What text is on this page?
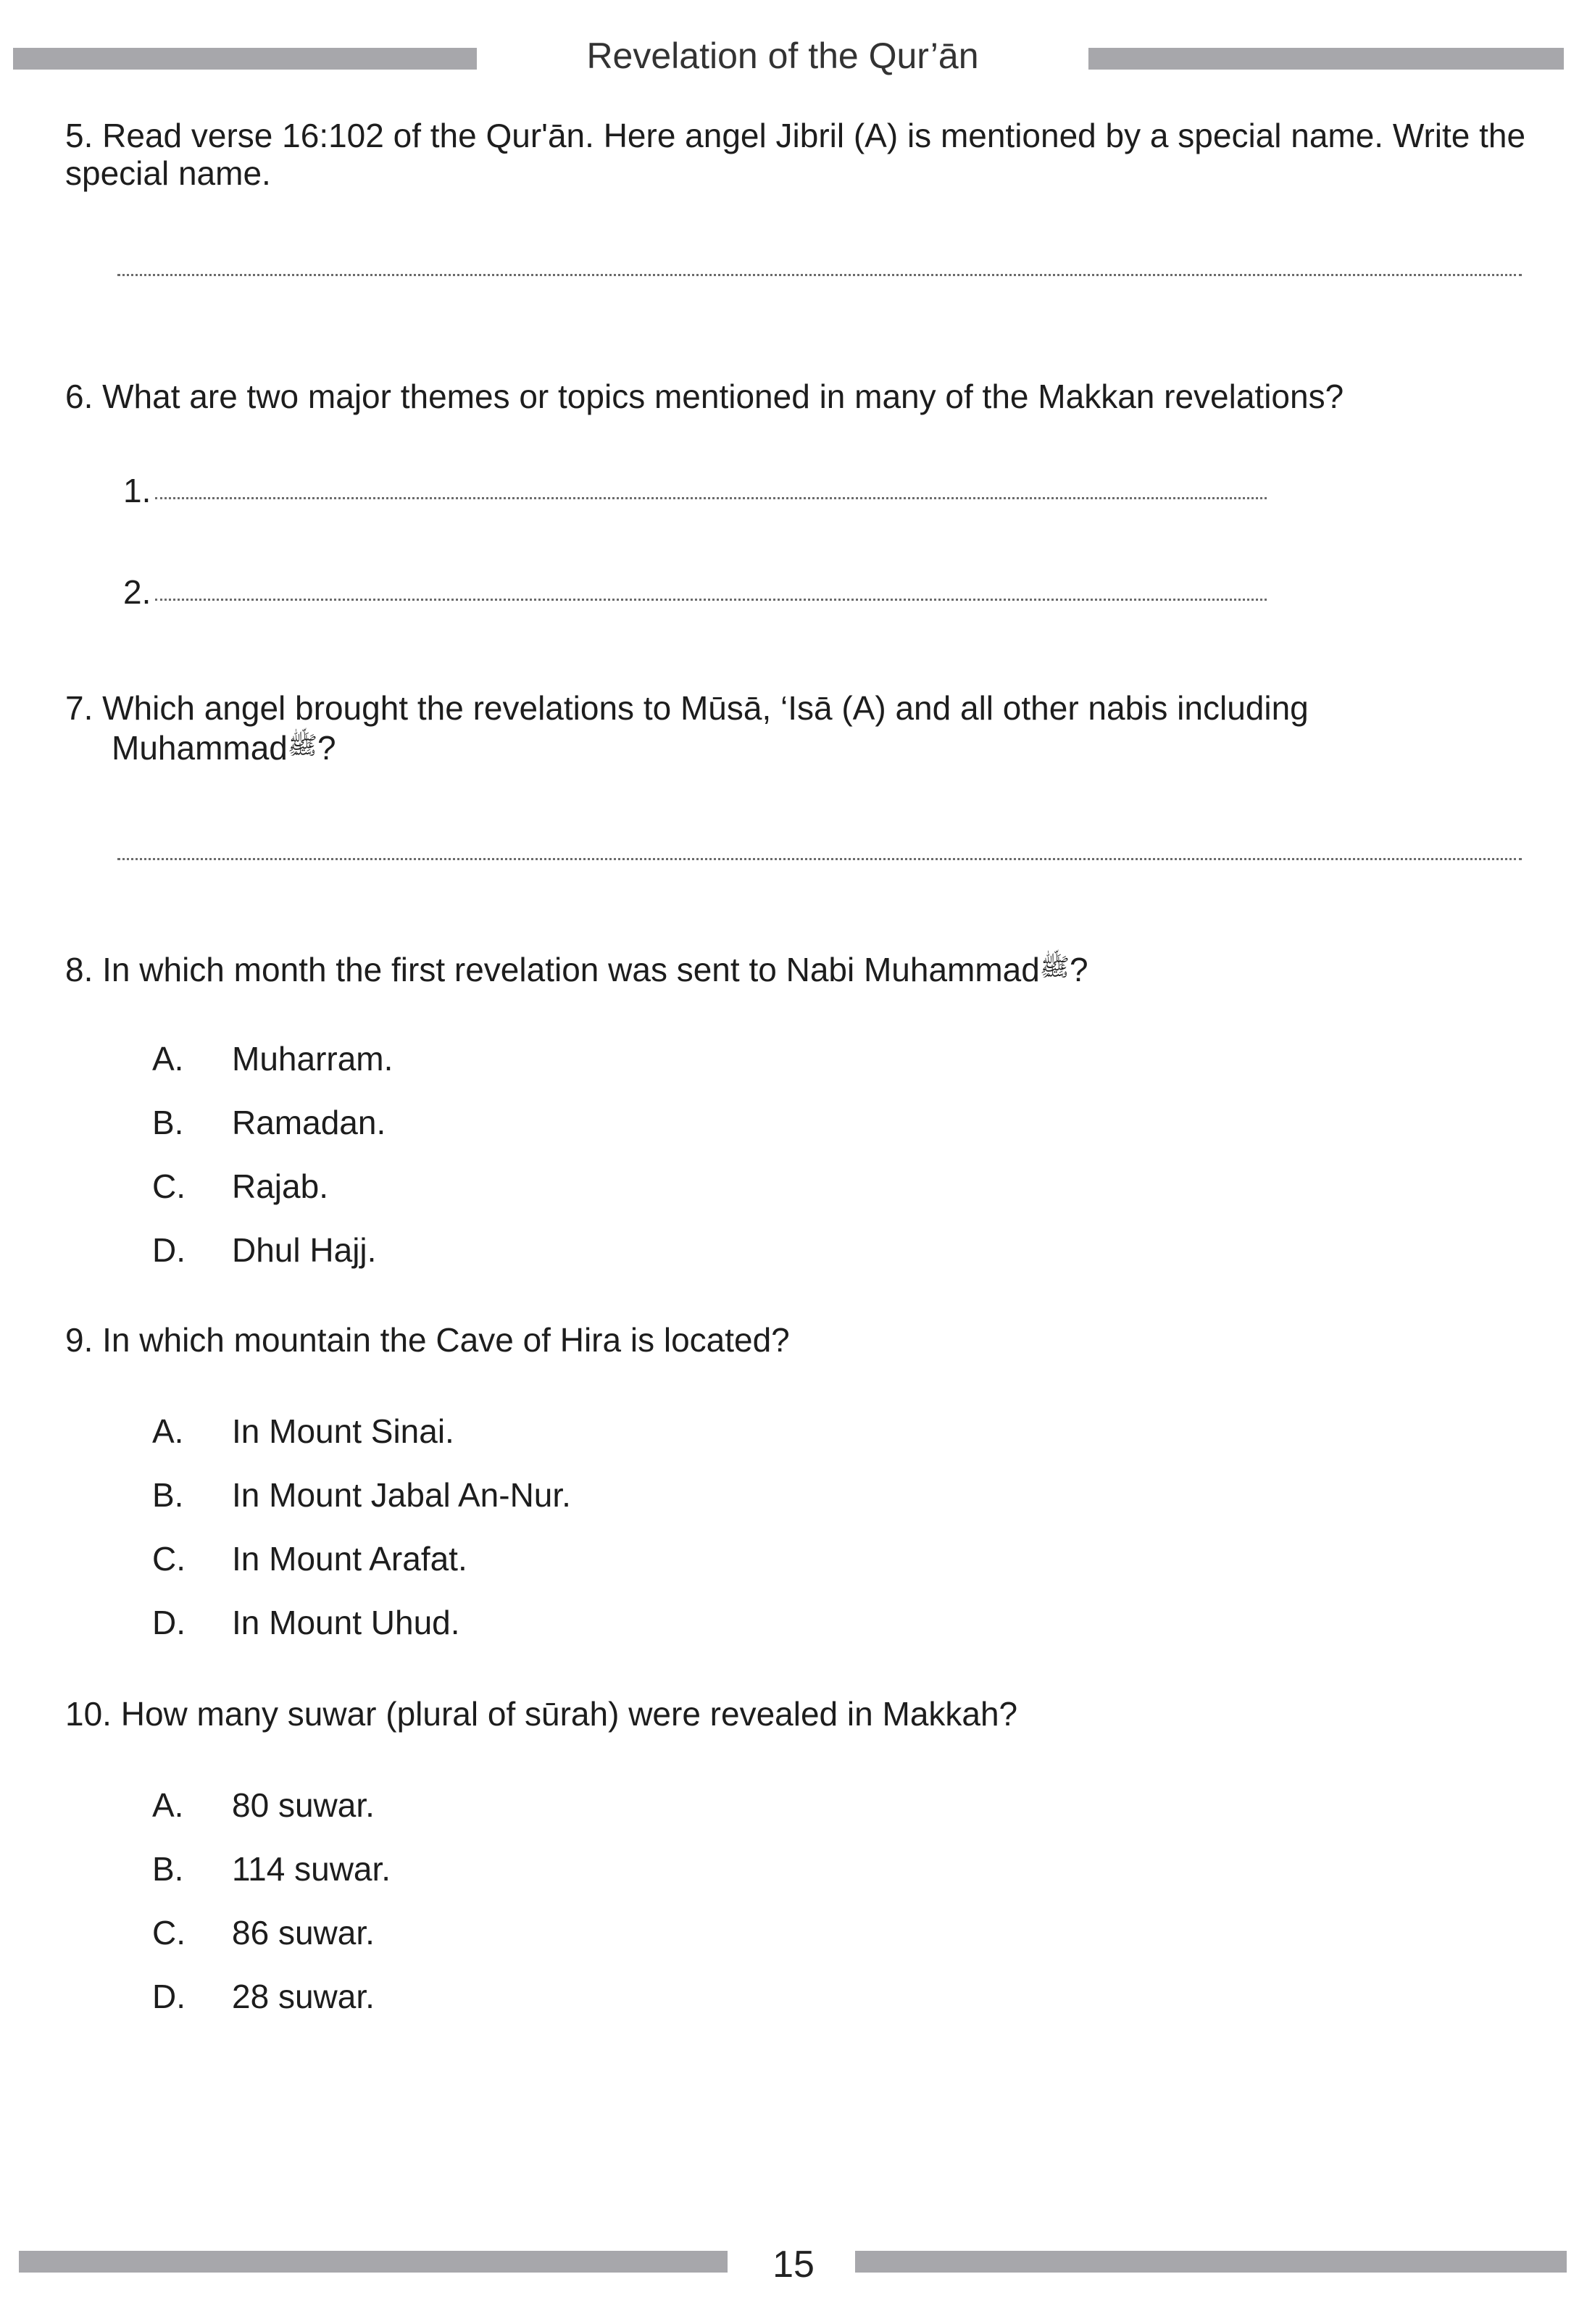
Revelation of the Qur’ān
5. Read verse 16:102 of the Qur'ān. Here angel Jibril (A) is mentioned by a special name. Write the
special name.
6. What are two major themes or topics mentioned in many of the Makkan revelations?
1.
2.
7. Which angel brought the revelations to Mūsā, ‘Isā (A) and all other nabis including
Muhammadﷺ?
8. In which month the first revelation was sent to Nabi Muhammadﷺ?
A. Muharram.
B. Ramadan.
C. Rajab.
D. Dhul Hajj.
9. In which mountain the Cave of Hira is located?
A. In Mount Sinai.
B. In Mount Jabal An-Nur.
C. In Mount Arafat.
D. In Mount Uhud.
10. How many suwar (plural of sūrah) were revealed in Makkah?
A. 80 suwar.
B. 114 suwar.
C. 86 suwar.
D. 28 suwar.
15
